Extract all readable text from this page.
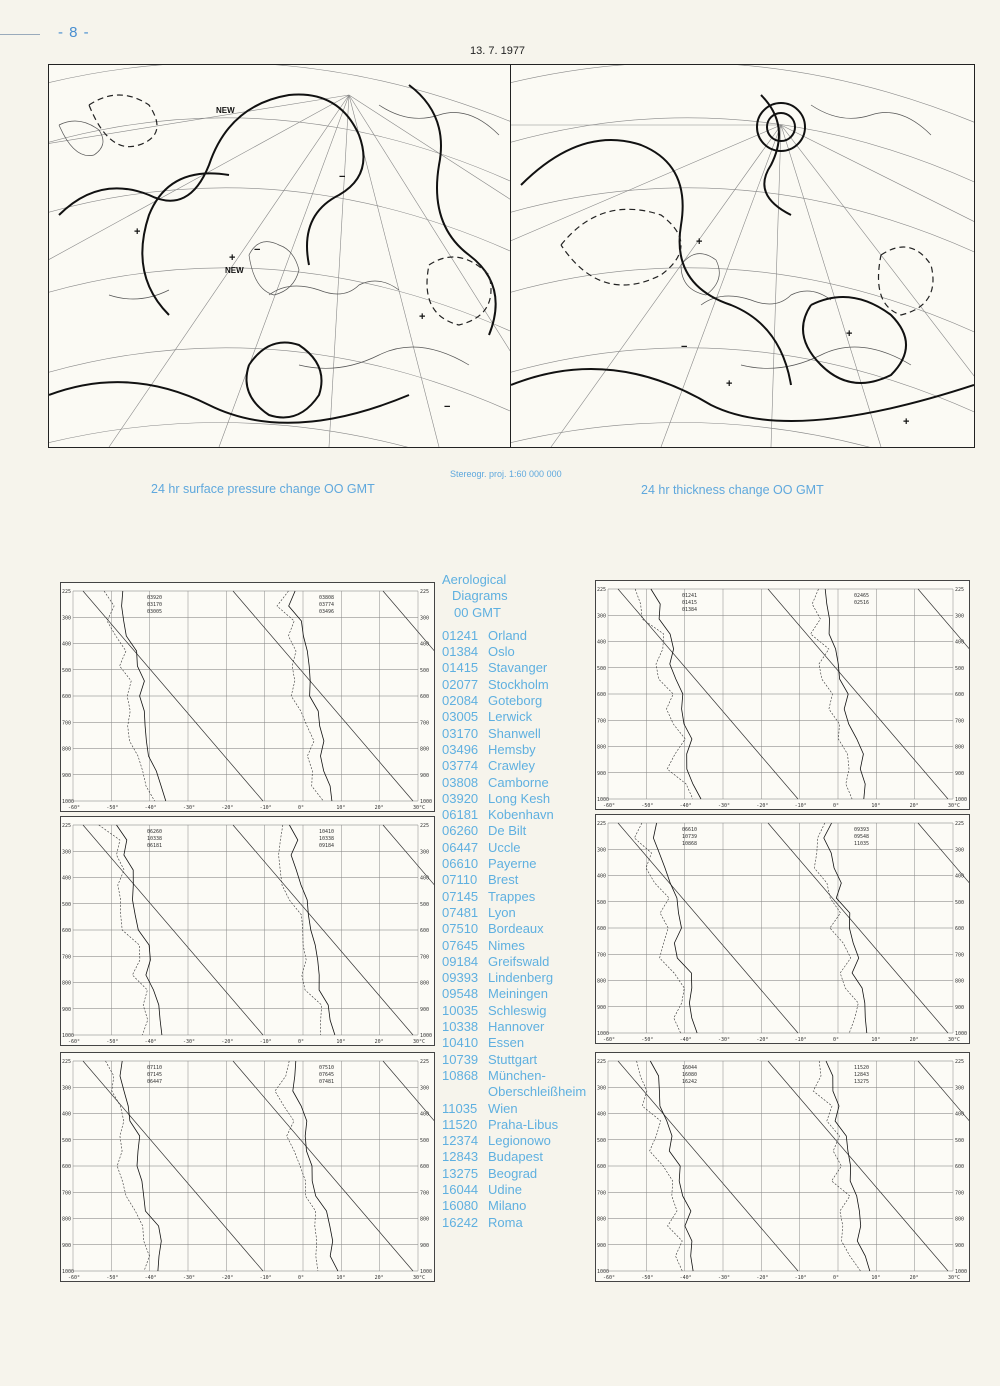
- 8 -
13. 7. 1977
+
+
−
−
+
−
NEW
NEW
+
−
+
+
+
24 hr surface pressure change OO GMT
Stereogr. proj. 1:60 000 000
24 hr thickness change OO GMT
Aerological
Diagrams
00 GMT
01241 Orland
01384 Oslo
01415 Stavanger
02077 Stockholm
02084 Goteborg
03005 Lerwick
03170 Shanwell
03496 Hemsby
03774 Crawley
03808 Camborne
03920 Long Kesh
06181 Kobenhavn
06260 De Bilt
06447 Uccle
06610 Payerne
07110 Brest
07145 Trappes
07481 Lyon
07510 Bordeaux
07645 Nimes
09184 Greifswald
09393 Lindenberg
09548 Meiningen
10035 Schleswig
10338 Hannover
10410 Essen
10739 Stuttgart
10868 München-
Oberschleißheim
11035 Wien
11520 Praha-Libus
12374 Legionowo
12843 Budapest
13275 Beograd
16044 Udine
16080 Milano
16242 Roma
225	225
300	300
400	400
500	500
600	600
700	700
800	800
900	900
1000	1000
-60°	-50°	-40°	-30°	-20°	-10°	0°	10°	20°	30°C
03920
03170
03005
03808
03774
03496
225	225
300	300
400	400
500	500
600	600
700	700
800	800
900	900
1000	1000
-60°	-50°	-40°	-30°	-20°	-10°	0°	10°	20°	30°C
06260
10338
06181
10410
10338
09184
225	225
300	300
400	400
500	500
600	600
700	700
800	800
900	900
1000	1000
-60°	-50°	-40°	-30°	-20°	-10°	0°	10°	20°	30°C
07110
07145
06447
07510
07645
07481
225	225
300	300
400	400
500	500
600	600
700	700
800	800
900	900
1000	1000
-60°	-50°	-40°	-30°	-20°	-10°	0°	10°	20°	30°C
01241
01415
01384
02465
02516
225	225
300	300
400	400
500	500
600	600
700	700
800	800
900	900
1000	1000
-60°	-50°	-40°	-30°	-20°	-10°	0°	10°	20°	30°C
06610
10739
10868
09393
09548
11035
225	225
300	300
400	400
500	500
600	600
700	700
800	800
900	900
1000	1000
-60°	-50°	-40°	-30°	-20°	-10°	0°	10°	20°	30°C
16044
16080
16242
11520
12843
13275
